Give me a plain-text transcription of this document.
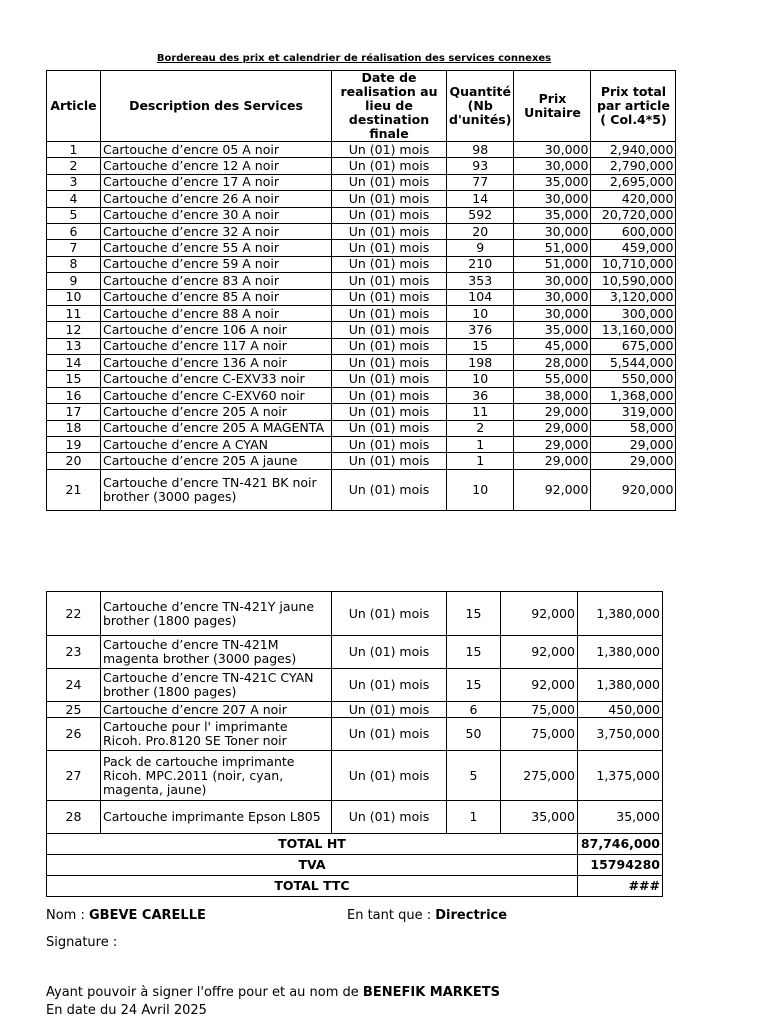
Bordereau des prix et calendrier de réalisation des services connexes
Article	Description des Services	Date de realisation au lieu de destination finale	Quantité (Nb d'unités)	Prix Unitaire	Prix total par article ( Col.4*5)
1	Cartouche d’encre 05 A noir	Un (01) mois	98	30,000	2,940,000
2	Cartouche d’encre 12 A noir	Un (01) mois	93	30,000	2,790,000
3	Cartouche d’encre 17 A noir	Un (01) mois	77	35,000	2,695,000
4	Cartouche d’encre 26 A noir	Un (01) mois	14	30,000	420,000
5	Cartouche d’encre 30 A noir	Un (01) mois	592	35,000	20,720,000
6	Cartouche d’encre 32 A noir	Un (01) mois	20	30,000	600,000
7	Cartouche d’encre 55 A noir	Un (01) mois	9	51,000	459,000
8	Cartouche d’encre 59 A noir	Un (01) mois	210	51,000	10,710,000
9	Cartouche d’encre 83 A noir	Un (01) mois	353	30,000	10,590,000
10	Cartouche d’encre 85 A noir	Un (01) mois	104	30,000	3,120,000
11	Cartouche d’encre 88 A noir	Un (01) mois	10	30,000	300,000
12	Cartouche d’encre 106 A noir	Un (01) mois	376	35,000	13,160,000
13	Cartouche d’encre 117 A noir	Un (01) mois	15	45,000	675,000
14	Cartouche d’encre 136 A noir	Un (01) mois	198	28,000	5,544,000
15	Cartouche d’encre C-EXV33 noir	Un (01) mois	10	55,000	550,000
16	Cartouche d’encre C-EXV60 noir	Un (01) mois	36	38,000	1,368,000
17	Cartouche d’encre 205 A noir	Un (01) mois	11	29,000	319,000
18	Cartouche d’encre 205 A MAGENTA	Un (01) mois	2	29,000	58,000
19	Cartouche d’encre A CYAN	Un (01) mois	1	29,000	29,000
20	Cartouche d’encre 205 A jaune	Un (01) mois	1	29,000	29,000
21	Cartouche d’encre TN-421 BK noir brother (3000 pages)	Un (01) mois	10	92,000	920,000
22	Cartouche d’encre TN-421Y jaune brother (1800 pages)	Un (01) mois	15	92,000	1,380,000
23	Cartouche d’encre TN-421M magenta brother (3000 pages)	Un (01) mois	15	92,000	1,380,000
24	Cartouche d’encre TN-421C CYAN brother (1800 pages)	Un (01) mois	15	92,000	1,380,000
25	Cartouche d’encre 207 A noir	Un (01) mois	6	75,000	450,000
26	Cartouche pour l' imprimante Ricoh. Pro.8120 SE Toner noir	Un (01) mois	50	75,000	3,750,000
27	Pack de cartouche imprimante Ricoh. MPC.2011 (noir, cyan, magenta, jaune)	Un (01) mois	5	275,000	1,375,000
28	Cartouche imprimante Epson L805	Un (01) mois	1	35,000	35,000
TOTAL HT					87,746,000
TVA					15794280
TOTAL TTC					###
Nom : GBEVE CARELLE	En tant que : Directrice
Signature :
Ayant pouvoir à signer l'offre pour et au nom de BENEFIK MARKETS
En date du 24 Avril 2025
